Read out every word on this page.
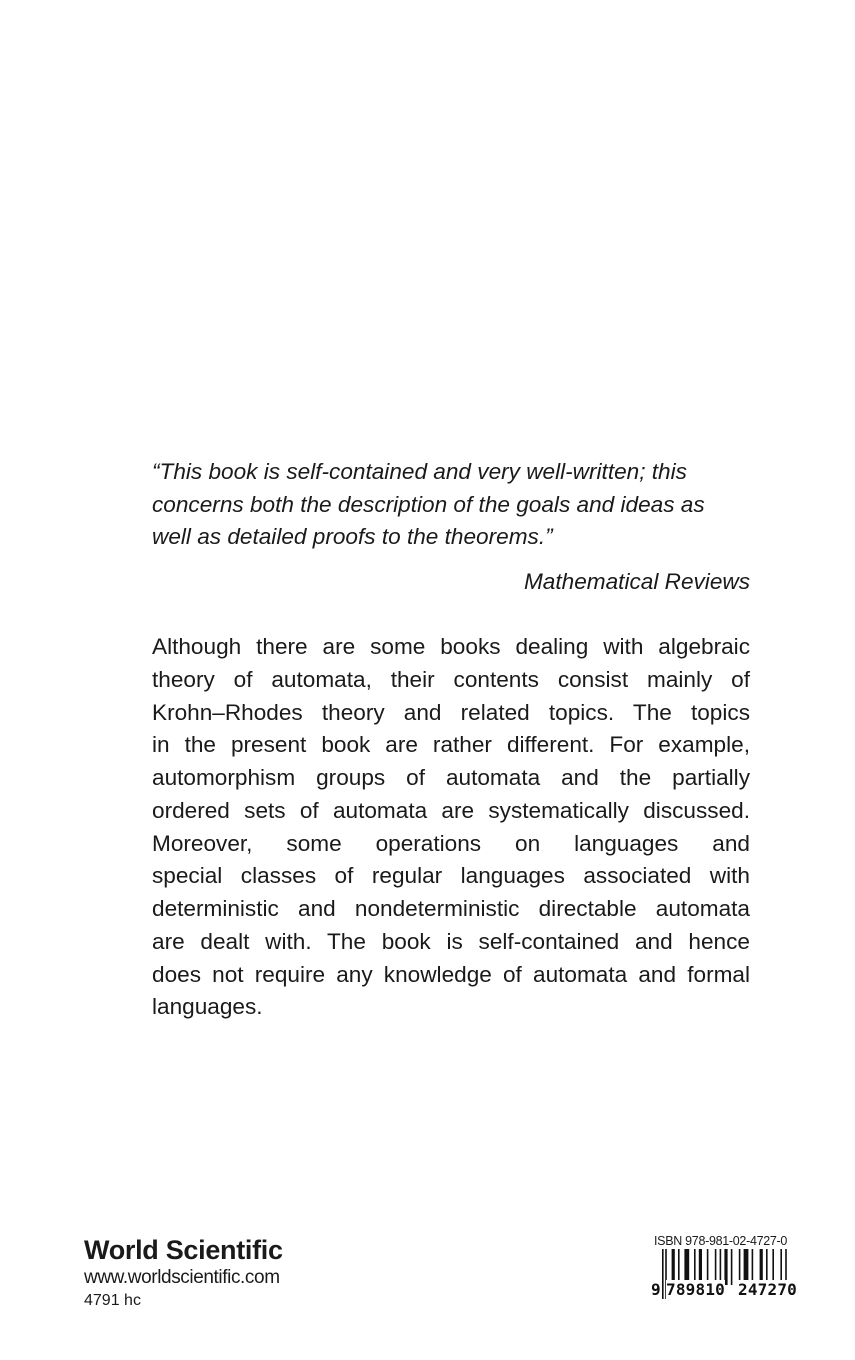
“This book is self-contained and very well-written; this
concerns both the description of the goals and ideas as
well as detailed proofs to the theorems.”
Mathematical Reviews
Although there are some books dealing with algebraic
theory of automata, their contents consist mainly of
Krohn–Rhodes theory and related topics. The topics
in the present book are rather different. For example,
automorphism groups of automata and the partially
ordered sets of automata are systematically discussed.
Moreover, some operations on languages and
special classes of regular languages associated with
deterministic and nondeterministic directable automata
are dealt with. The book is self-contained and hence
does not require any knowledge of automata and formal
languages.
World Scientific
www.worldscientific.com
4791 hc
ISBN 978-981-02-4727-0
9 789810 247270
